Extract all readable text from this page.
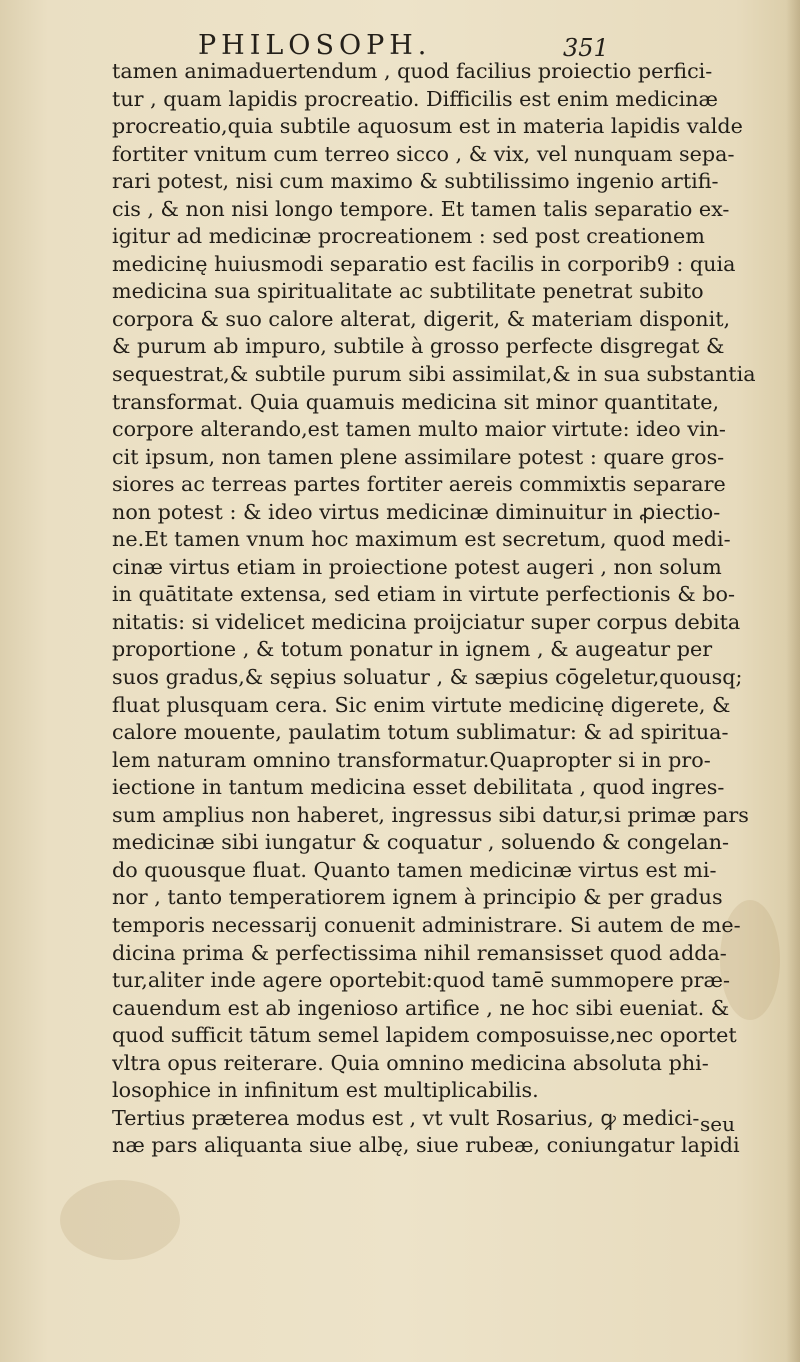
PHILOSOPH.	351
tamen animaduertendum , quod facilius proiectio perfici-
tur , quam lapidis procreatio. Difficilis est enim medicinæ
procreatio,quia subtile aquosum est in materia lapidis valde
fortiter vnitum cum terreo sicco , & vix, vel nunquam sepa-
rari potest, nisi cum maximo & subtilissimo ingenio artifi-
cis , & non nisi longo tempore. Et tamen talis separatio ex-
igitur ad medicinæ procreationem : sed post creationem
medicinę huiusmodi separatio est facilis in corporib9 : quia
medicina sua spiritualitate ac subtilitate penetrat subito
corpora & suo calore alterat, digerit, & materiam disponit,
& purum ab impuro, subtile à grosso perfecte disgregat &
sequestrat,& subtile purum sibi assimilat,& in sua substantia
transformat. Quia quamuis medicina sit minor quantitate,
corpore alterando,est tamen multo maior virtute: ideo vin-
cit ipsum, non tamen plene assimilare potest : quare gros-
siores ac terreas partes fortiter aereis commixtis separare
non potest : & ideo virtus medicinæ diminuitur in ꝓiectio-
ne.Et tamen vnum hoc maximum est secretum, quod medi-
cinæ virtus etiam in proiectione potest augeri , non solum
in quātitate extensa, sed etiam in virtute perfectionis & bo-
nitatis: si videlicet medicina proijciatur super corpus debita
proportione , & totum ponatur in ignem , & augeatur per
suos gradus,& sępius soluatur , & sæpius cōgeletur,quousq;
fluat plusquam cera. Sic enim virtute medicinę digerete, &
calore mouente, paulatim totum sublimatur: & ad spiritua-
lem naturam omnino transformatur.Quapropter si in pro-
iectione in tantum medicina esset debilitata , quod ingres-
sum amplius non haberet, ingressus sibi datur,si primæ pars
medicinæ sibi iungatur & coquatur , soluendo & congelan-
do quousque fluat. Quanto tamen medicinæ virtus est mi-
nor , tanto temperatiorem ignem à principio & per gradus
temporis necessarij conuenit administrare. Si autem de me-
dicina prima & perfectissima nihil remansisset quod adda-
tur,aliter inde agere oportebit:quod tamē summopere præ-
cauendum est ab ingenioso artifice , ne hoc sibi eueniat. &
quod sufficit tātum semel lapidem composuisse,nec oportet
vltra opus reiterare. Quia omnino medicina absoluta phi-
losophice in infinitum est multiplicabilis.
Tertius præterea modus est , vt vult Rosarius, ꝙ medici-
næ pars aliquanta siue albę, siue rubeæ, coniungatur lapidi
seu
